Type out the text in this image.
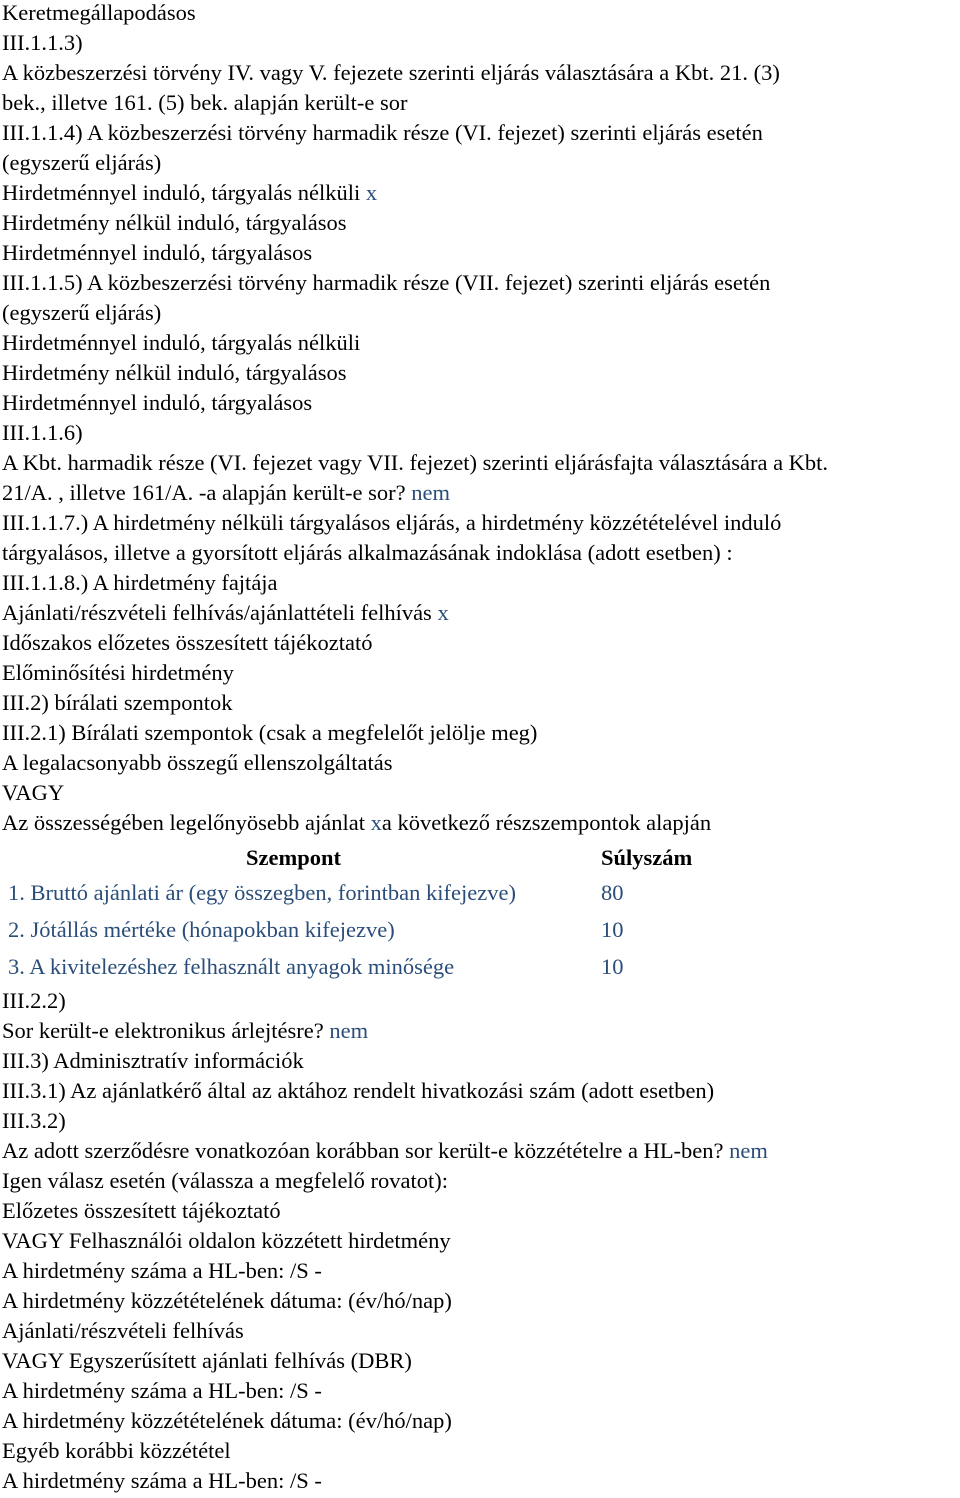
Keretmegállapodásos
III.1.1.3)
A közbeszerzési törvény IV. vagy V. fejezete szerinti eljárás választására a Kbt. 21. (3)
bek., illetve 161. (5) bek. alapján került-e sor
III.1.1.4) A közbeszerzési törvény harmadik része (VI. fejezet) szerinti eljárás esetén
(egyszerű eljárás)
Hirdetménnyel induló, tárgyalás nélküli x
Hirdetmény nélkül induló, tárgyalásos
Hirdetménnyel induló, tárgyalásos
III.1.1.5) A közbeszerzési törvény harmadik része (VII. fejezet) szerinti eljárás esetén
(egyszerű eljárás)
Hirdetménnyel induló, tárgyalás nélküli
Hirdetmény nélkül induló, tárgyalásos
Hirdetménnyel induló, tárgyalásos
III.1.1.6)
A Kbt. harmadik része (VI. fejezet vagy VII. fejezet) szerinti eljárásfajta választására a Kbt.
21/A. , illetve 161/A. -a alapján került-e sor? nem
III.1.1.7.) A hirdetmény nélküli tárgyalásos eljárás, a hirdetmény közzétételével induló
tárgyalásos, illetve a gyorsított eljárás alkalmazásának indoklása (adott esetben) :
III.1.1.8.) A hirdetmény fajtája
Ajánlati/részvételi felhívás/ajánlattételi felhívás x
Időszakos előzetes összesített tájékoztató
Előminősítési hirdetmény
III.2) bírálati szempontok
III.2.1) Bírálati szempontok (csak a megfelelőt jelölje meg)
A legalacsonyabb összegű ellenszolgáltatás
VAGY
Az összességében legelőnyösebb ajánlat xa következő részszempontok alapján
Szempont	Súlyszám
1. Bruttó ajánlati ár (egy összegben, forintban kifejezve)	80
2. Jótállás mértéke (hónapokban kifejezve)	10
3. A kivitelezéshez felhasznált anyagok minősége	10
III.2.2)
Sor került-e elektronikus árlejtésre? nem
III.3) Adminisztratív információk
III.3.1) Az ajánlatkérő által az aktához rendelt hivatkozási szám (adott esetben)
III.3.2)
Az adott szerződésre vonatkozóan korábban sor került-e közzétételre a HL-ben? nem
Igen válasz esetén (válassza a megfelelő rovatot):
Előzetes összesített tájékoztató
VAGY Felhasználói oldalon közzétett hirdetmény
A hirdetmény száma a HL-ben: /S -
A hirdetmény közzétételének dátuma: (év/hó/nap)
Ajánlati/részvételi felhívás
VAGY Egyszerűsített ajánlati felhívás (DBR)
A hirdetmény száma a HL-ben: /S -
A hirdetmény közzétételének dátuma: (év/hó/nap)
Egyéb korábbi közzététel
A hirdetmény száma a HL-ben: /S -
